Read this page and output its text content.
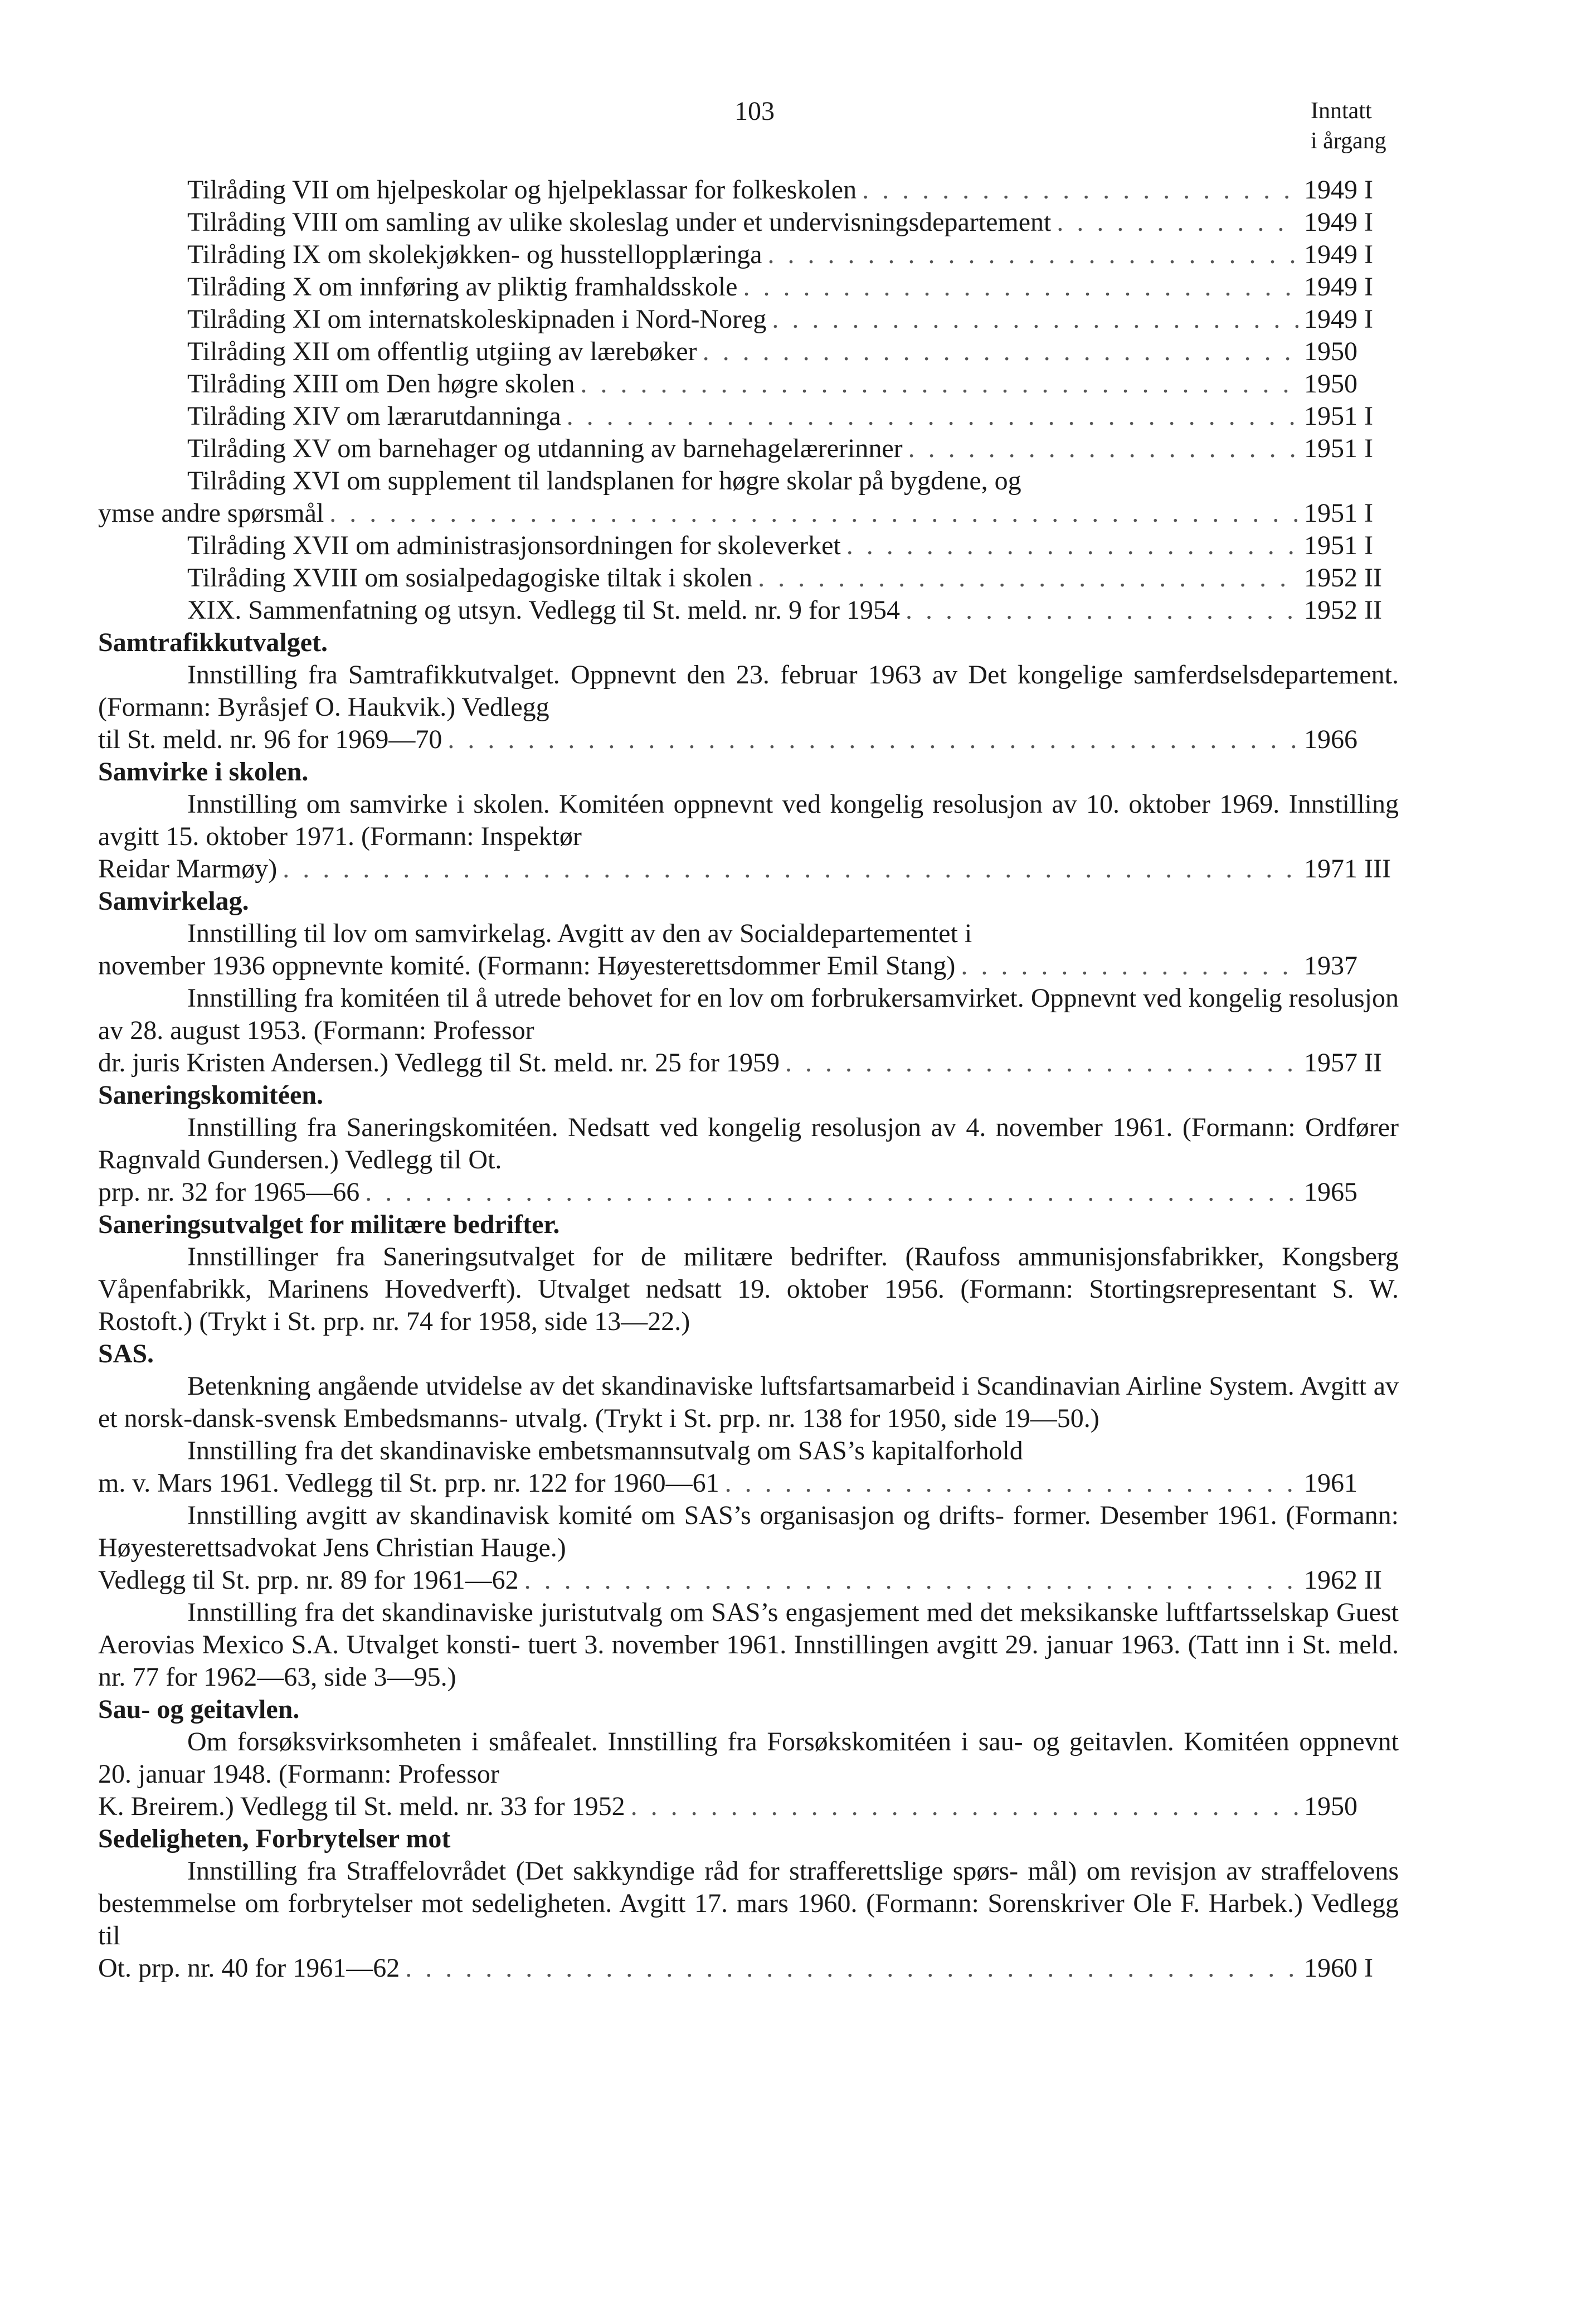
103	Inntatt
i årgang
Tilråding VII om hjelpeskolar og hjelpeklassar for folkeskolen . . .	1949 I
Tilråding VIII om samling av ulike skoleslag under et undervisningsdepartement . . .	1949 I
Tilråding IX om skolekjøkken- og husstellopplæringa . . .	1949 I
Tilråding X om innføring av pliktig framhaldsskole . . .	1949 I
Tilråding XI om internatskoleskipnaden i Nord-Noreg . . .	1949 I
Tilråding XII om offentlig utgiing av lærebøker . . .	1950
Tilråding XIII om Den høgre skolen . . .	1950
Tilråding XIV om lærarutdanninga . . .	1951 I
Tilråding XV om barnehager og utdanning av barnehagelærerinner . . .	1951 I
Tilråding XVI om supplement til landsplanen for høgre skolar på bygdene, og
ymse andre spørsmål . . .	1951 I
Tilråding XVII om administrasjonsordningen for skoleverket . . .	1951 I
Tilråding XVIII om sosialpedagogiske tiltak i skolen . . .	1952 II
XIX. Sammenfatning og utsyn. Vedlegg til St. meld. nr. 9 for 1954 . . .	1952 II
Samtrafikkutvalget.
Innstilling fra Samtrafikkutvalget. Oppnevnt den 23. februar 1963 av Det kongelige samferdselsdepartement. (Formann: Byråsjef O. Haukvik.) Vedlegg
til St. meld. nr. 96 for 1969—70 . . .	1966
Samvirke i skolen.
Innstilling om samvirke i skolen. Komitéen oppnevnt ved kongelig resolusjon av 10. oktober 1969. Innstilling avgitt 15. oktober 1971. (Formann: Inspektør
Reidar Marmøy) . . .	1971 III
Samvirkelag.
Innstilling til lov om samvirkelag. Avgitt av den av Socialdepartementet i
november 1936 oppnevnte komité. (Formann: Høyesterettsdommer Emil Stang) . . .	1937
Innstilling fra komitéen til å utrede behovet for en lov om forbrukersamvirket. Oppnevnt ved kongelig resolusjon av 28. august 1953. (Formann: Professor
dr. juris Kristen Andersen.) Vedlegg til St. meld. nr. 25 for 1959 . . .	1957 II
Saneringskomitéen.
Innstilling fra Saneringskomitéen. Nedsatt ved kongelig resolusjon av 4. november 1961. (Formann: Ordfører Ragnvald Gundersen.) Vedlegg til Ot.
prp. nr. 32 for 1965—66 . . .	1965
Saneringsutvalget for militære bedrifter.
Innstillinger fra Saneringsutvalget for de militære bedrifter. (Raufoss ammunisjonsfabrikker, Kongsberg Våpenfabrikk, Marinens Hovedverft). Utvalget nedsatt 19. oktober 1956. (Formann: Stortingsrepresentant S. W. Rostoft.) (Trykt i St. prp. nr. 74 for 1958, side 13—22.)
SAS.
Betenkning angående utvidelse av det skandinaviske luftsfartsamarbeid i Scandinavian Airline System. Avgitt av et norsk-dansk-svensk Embedsmanns- utvalg. (Trykt i St. prp. nr. 138 for 1950, side 19—50.)
Innstilling fra det skandinaviske embetsmannsutvalg om SAS’s kapitalforhold
m. v. Mars 1961. Vedlegg til St. prp. nr. 122 for 1960—61 . . .	1961
Innstilling avgitt av skandinavisk komité om SAS’s organisasjon og drifts- former. Desember 1961. (Formann: Høyesterettsadvokat Jens Christian Hauge.)
Vedlegg til St. prp. nr. 89 for 1961—62 . . .	1962 II
Innstilling fra det skandinaviske juristutvalg om SAS’s engasjement med det meksikanske luftfartsselskap Guest Aerovias Mexico S.A. Utvalget konsti- tuert 3. november 1961. Innstillingen avgitt 29. januar 1963. (Tatt inn i St. meld. nr. 77 for 1962—63, side 3—95.)
Sau- og geitavlen.
Om forsøksvirksomheten i småfealet. Innstilling fra Forsøkskomitéen i sau- og geitavlen. Komitéen oppnevnt 20. januar 1948. (Formann: Professor
K. Breirem.) Vedlegg til St. meld. nr. 33 for 1952 . . .	1950
Sedeligheten, Forbrytelser mot
Innstilling fra Straffelovrådet (Det sakkyndige råd for strafferettslige spørs- mål) om revisjon av straffelovens bestemmelse om forbrytelser mot sedeligheten. Avgitt 17. mars 1960. (Formann: Sorenskriver Ole F. Harbek.) Vedlegg til
Ot. prp. nr. 40 for 1961—62 . . .	1960 I
